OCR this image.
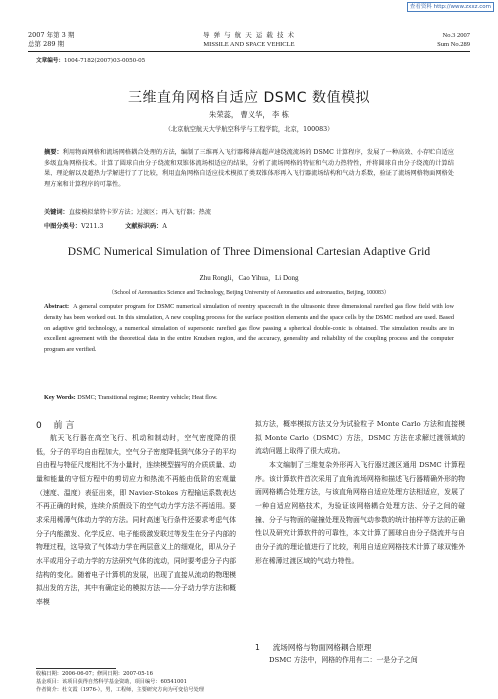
查看资料 http://www.zxxz.com
2007 年第 3 期
总第 289 期
导 弹 与 航 天 运 载 技 术
MISSILE AND SPACE VEHICLE
No.3 2007
Sum No.289
文章编号：1004-7182(2007)03-0050-05
三维直角网格自适应 DSMC 数值模拟
朱荣蕊， 曹义华， 李 栋
（北京航空航天大学航空科学与工程学院，北京，100083）
摘要：利用物面网格和流场网格耦合处理的方法，编制了三维再入飞行器稀薄高超声速绕流流场的 DSMC 计算程序，发展了一种高效、小存贮自适应多级直角网格技术。计算了圆球自由分子绕流和双锥体流场相适应的结果，分析了流场网格的特征和气动力热特性，并将圆球自由分子绕流的计算结果、理论解以及超热力学解进行了了比较，利用直角网格自适应技术模拟了类双锥体形再入飞行器流场结构和气动力系数，验证了流场网格物面网格处理方案和计算程序的可靠性。
关键词：直接模拟蒙特卡罗方法；过渡区；再入飞行器；热流
中图分类号：V211.3	文献标识码：A
DSMC Numerical Simulation of Three Dimensional Cartesian Adaptive Grid
Zhu Rongli，Cao Yihua，Li Dong
（School of Aeronautics Science and Technology, Beijing University of Aeronautics and astronautics, Beijing, 100083）
Abstract: A general computer program for DSMC numerical simulation of reentry spacecraft in the ultrasonic three dimensional rarefied gas flow field with low density has been worked out. In this simulation, A new coupling process for the surface position elements and the space cells by the DSMC method are used. Based on adaptive grid technology, a numerical simulation of supersonic rarefied gas flow passing a spherical double-conic is obtained. The simulation results are in excellent agreement with the theoretical data in the entire Knudsen region, and the accuracy, generality and reliability of the coupling process and the computer program are verified.
Key Words: DSMC; Transitional regime; Reentry vehicle; Heat flow.
0 前 言
航天飞行器在高空飞行、机动和制动时，空气密度降的很低，分子的平均自由程加大，空气分子密度降低到气体分子的平均自由程与特征尺度相比不为小量时，连续模型描写的介质质量、动量和能量的守恒方程中的剪切应力和热流不再能由低阶的宏观量（速度、温度）表征出来，即 Navier-Stokes 方程输运系数表达不再正确的时候，连续介质假设下的空气动力学方法不再适用。要求采用稀薄气体动力学的方法。同时高速飞行条件还要求考虑气体分子内能激发、化学反应、电子能级激发联过等发生在分子内部的物理过程，这导致了气体动力学在两层意义上的细观化，即从分子水平或用分子动力学的方法研究气体的流动，同时要考虑分子内部结构的变化。随着电子计算机的发展，出现了直接从流动的物理模拟出发的方法，其中有确定论的模拟方法——分子动力学方法和概率模
拟方法，概率模拟方法又分为试验粒子 Monte Carlo 方法和直接模拟 Monte Carlo（DSMC）方法，DSMC 方法在求解过渡领域的流动问题上取得了很大成功。
本文编制了三维复杂外形再入飞行器过渡区通用 DSMC 计算程序。该计算软件首次采用了直角流场网格和描述飞行器精确外形的物面网格耦合处理方法，与该直角网格自适应处理方法相适应，发展了一种自适应网格技术，为验证该网格耦合处理方法、分子之间的碰撞、分子与物面的碰撞处理及物面气动参数的统计抽样等方法的正确性以及研究计算软件的可靠性，本文计算了圆球自由分子绕流并与自由分子流的理论值进行了比较，利用自适应网格技术计算了球双锥外形在稀薄过渡区域的气动力特性。
1 流场网格与物面网格耦合原理
DSMC 方法中，网格的作用有二：一是分子之间
收稿日期：2006-06-07；修回日期：2007-05-16
基金项目：该项目获得自然科学基金资助，项目编号：60541001
作者简介：杜文霞（1976-），男，工程师，主要研究方向为可变信号处理
